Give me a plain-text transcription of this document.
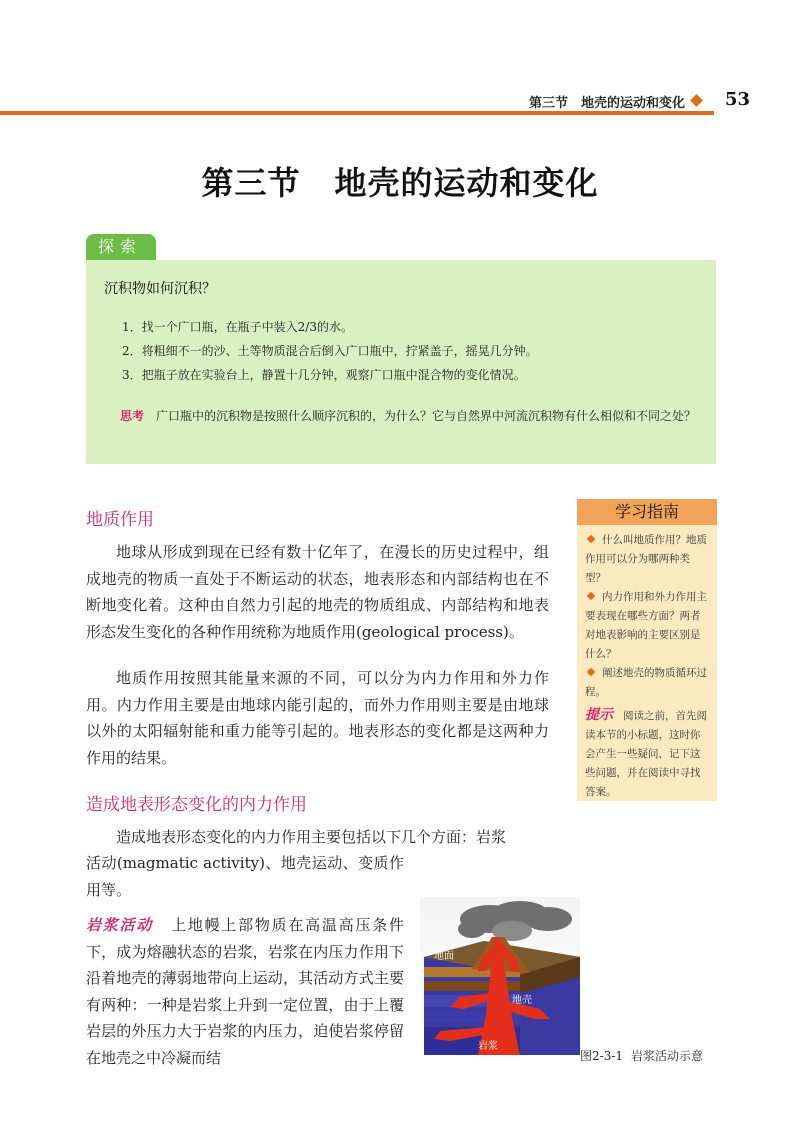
第三节　地壳的运动和变化 53
第三节 地壳的运动和变化
探索
沉积物如何沉积？
1．找一个广口瓶，在瓶子中装入2/3的水。
2．将粗细不一的沙、土等物质混合后倒入广口瓶中，拧紧盖子，摇晃几分钟。
3．把瓶子放在实验台上，静置十几分钟，观察广口瓶中混合物的变化情况。
思考　 广口瓶中的沉积物是按照什么顺序沉积的，为什么？它与自然界中河流沉积物有什么相似和不同之处？
地质作用
地球从形成到现在已经有数十亿年了，在漫长的历史过程中，组成地壳的物质一直处于不断运动的状态，地表形态和内部结构也在不断地变化着。这种由自然力引起的地壳的物质组成、内部结构和地表形态发生变化的各种作用统称为地质作用(geological process)。
地质作用按照其能量来源的不同，可以分为内力作用和外力作用。内力作用主要是由地球内能引起的，而外力作用则主要是由地球以外的太阳辐射能和重力能等引起的。地表形态的变化都是这两种力作用的结果。
学习指南
什么叫地质作用？地质作用可以分为哪两种类型？
内力作用和外力作用主要表现在哪些方面？两者对地表影响的主要区别是什么？
阐述地壳的物质循环过程。
提示 阅读之前，首先阅读本节的小标题，这时你会产生一些疑问，记下这些问题，并在阅读中寻找答案。
造成地表形态变化的内力作用
造成地表形态变化的内力作用主要包括以下几个方面：岩浆
活动(magmatic activity)、地壳运动、变质作用等。
岩浆活动 上地幔上部物质在高温高压条件下，成为熔融状态的岩浆，岩浆在内压力作用下沿着地壳的薄弱地带向上运动，其活动方式主要有两种：一种是岩浆上升到一定位置，由于上覆岩层的外压力大于岩浆的内压力，迫使岩浆停留在地壳之中冷凝而结
地面
地壳
岩浆
图2-3-1 岩浆活动示意
